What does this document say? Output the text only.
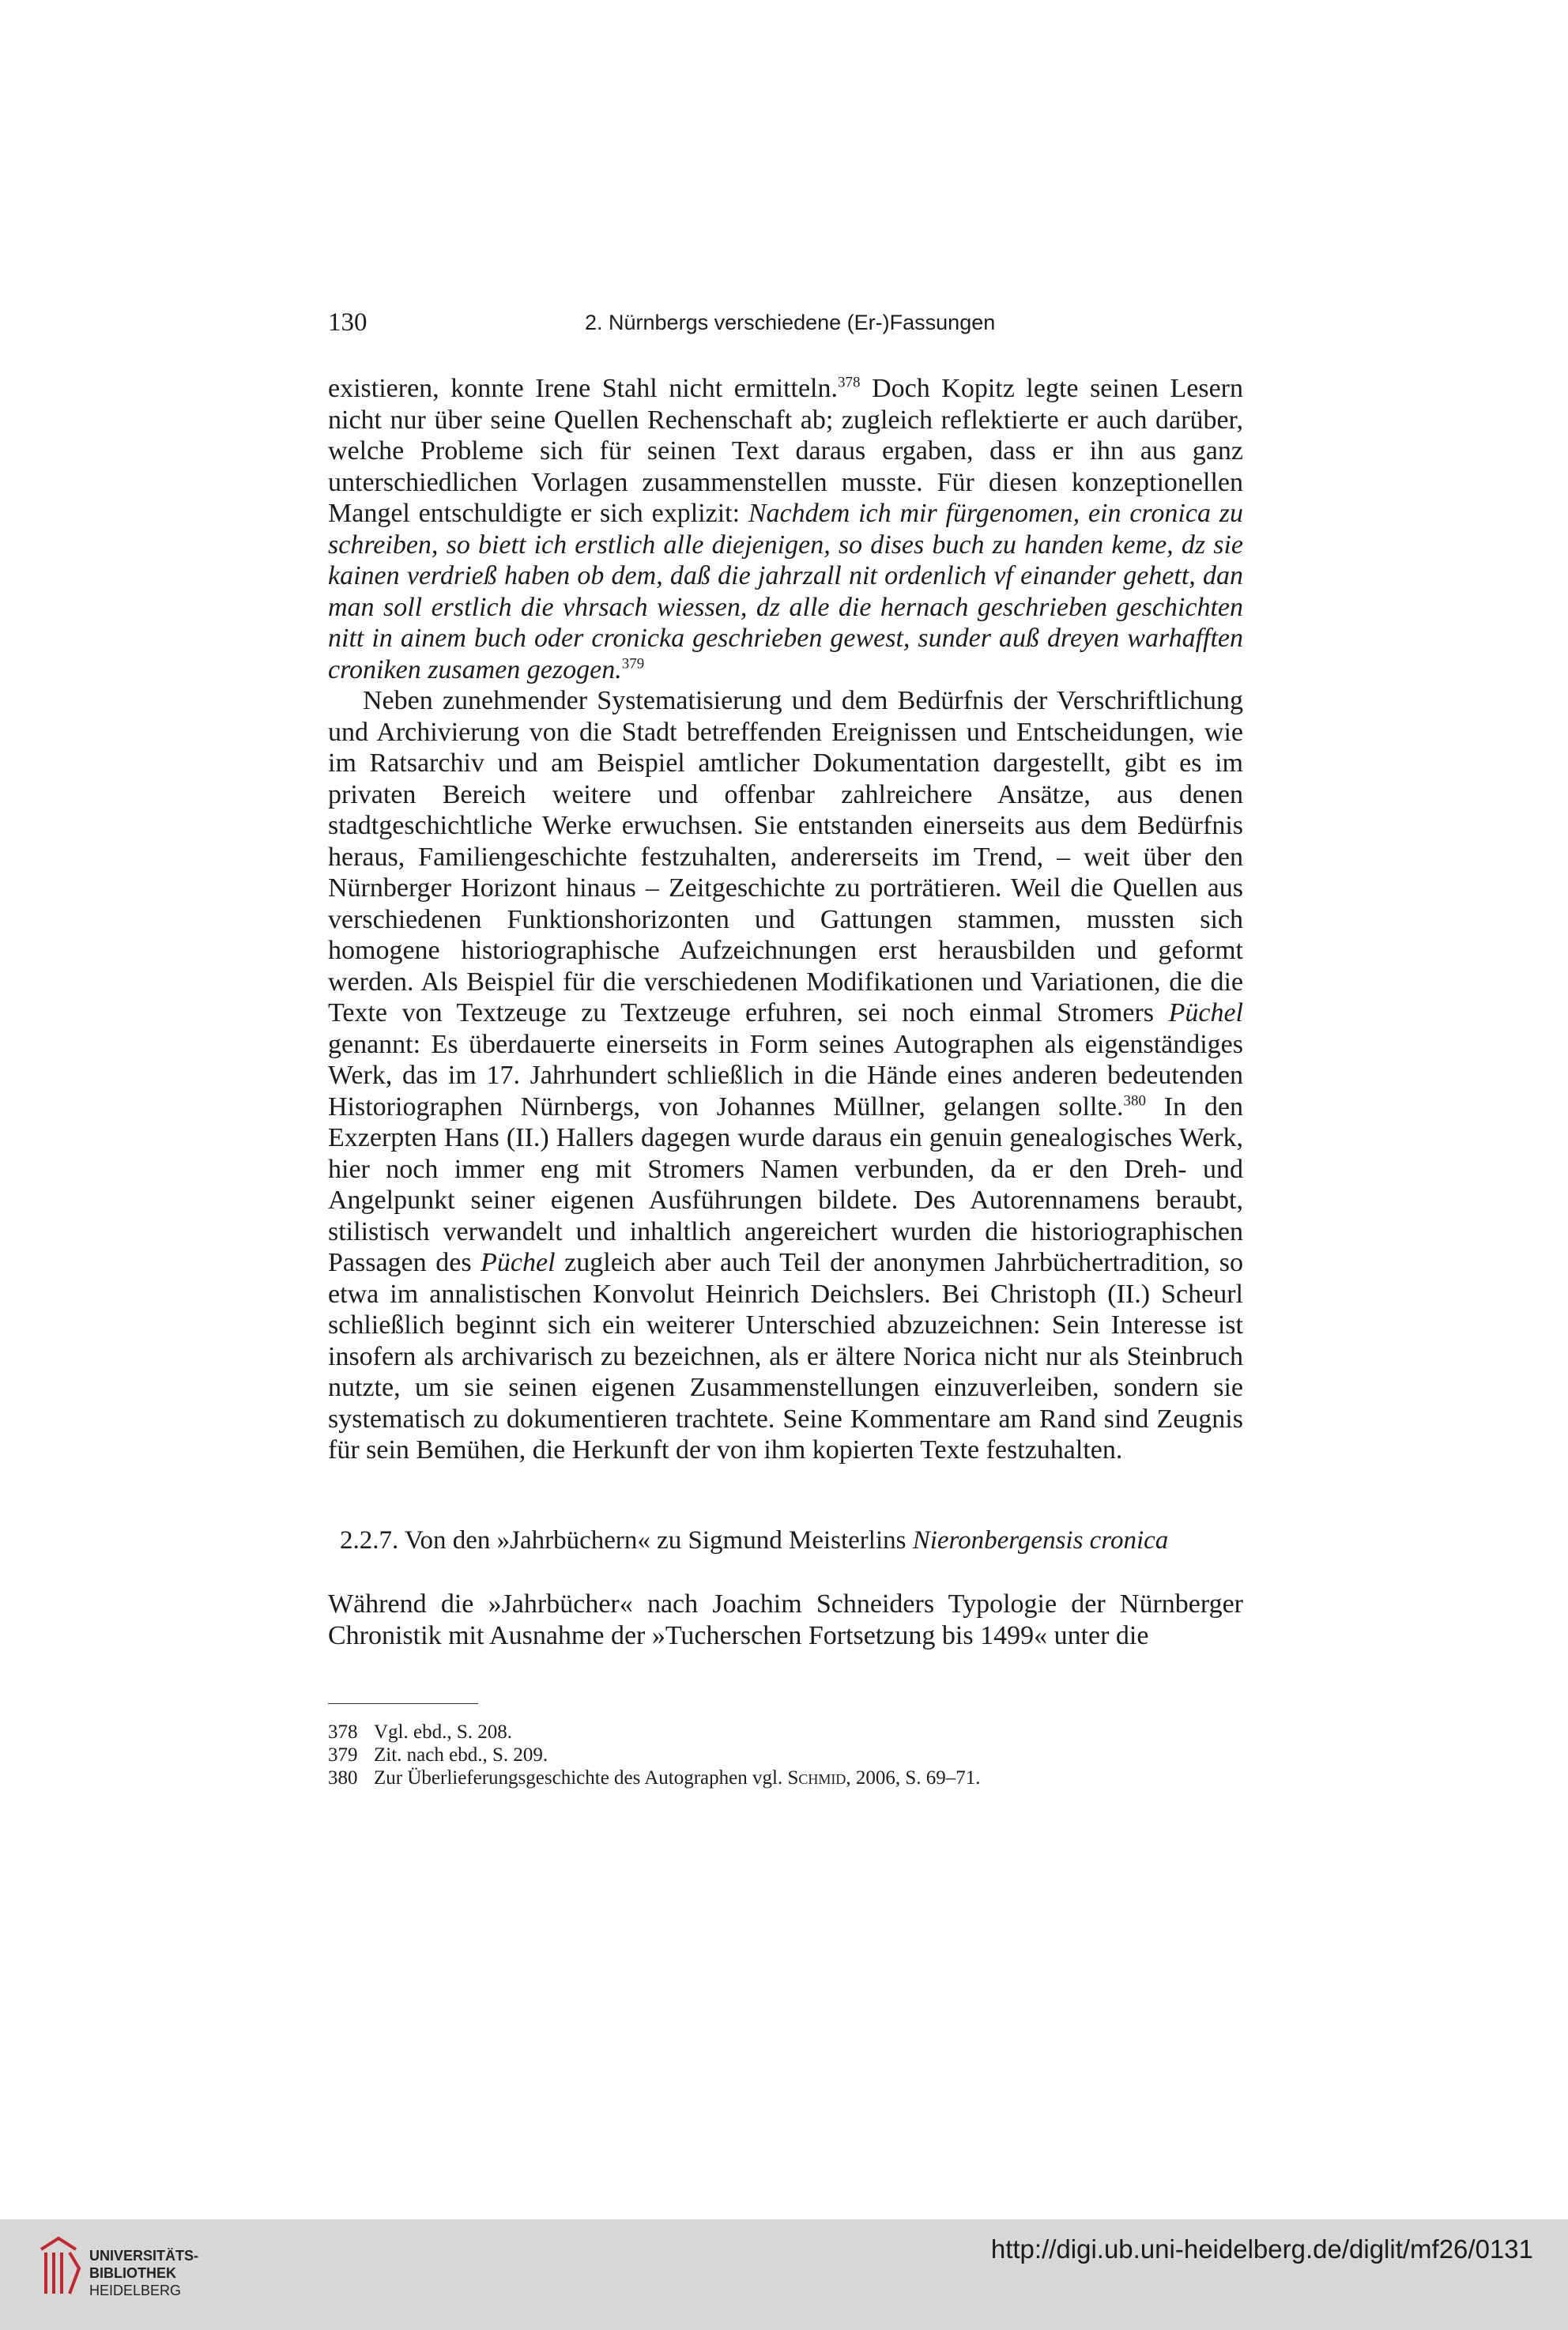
130	2. Nürnbergs verschiedene (Er-)Fassungen

existieren, konnte Irene Stahl nicht ermitteln.$^{378}$ Doch Kopitz legte seinen Lesern nicht nur über seine Quellen Rechenschaft ab; zugleich reflektierte er auch darüber, welche Probleme sich für seinen Text daraus ergaben, dass er ihn aus ganz unterschiedlichen Vorlagen zusammenstellen musste. Für diesen konzeptionellen Mangel entschuldigte er sich explizit: Nachdem ich mir fürgenomen, ein cronica zu schreiben, so biett ich erstlich alle diejenigen, so dises buch zu handen keme, dz sie kainen verdrieß haben ob dem, daß die jahrzall nit ordenlich vf einander gehett, dan man soll erstlich die vhrsach wiessen, dz alle die hernach geschrieben geschichten nitt in ainem buch oder cronicka geschrieben gewest, sunder auß dreyen warhafften croniken zusamen gezogen.$^{379}$

Neben zunehmender Systematisierung und dem Bedürfnis der Verschriftlichung und Archivierung von die Stadt betreffenden Ereignissen und Entscheidungen, wie im Ratsarchiv und am Beispiel amtlicher Dokumentation dargestellt, gibt es im privaten Bereich weitere und offenbar zahlreichere Ansätze, aus denen stadtgeschichtliche Werke erwuchsen. Sie entstanden einerseits aus dem Bedürfnis heraus, Familiengeschichte festzuhalten, andererseits im Trend, – weit über den Nürnberger Horizont hinaus – Zeitgeschichte zu porträtieren. Weil die Quellen aus verschiedenen Funktionshorizonten und Gattungen stammen, mussten sich homogene historiographische Aufzeichnungen erst herausbilden und geformt werden. Als Beispiel für die verschiedenen Modifikationen und Variationen, die die Texte von Textzeuge zu Textzeuge erfuhren, sei noch einmal Stromers Püchel genannt: Es überdauerte einerseits in Form seines Autographen als eigenständiges Werk, das im 17. Jahrhundert schließlich in die Hände eines anderen bedeutenden Historiographen Nürnbergs, von Johannes Müllner, gelangen sollte.$^{380}$ In den Exzerpten Hans (II.) Hallers dagegen wurde daraus ein genuin genealogisches Werk, hier noch immer eng mit Stromers Namen verbunden, da er den Dreh- und Angelpunkt seiner eigenen Ausführungen bildete. Des Autorennamens beraubt, stilistisch verwandelt und inhaltlich angereichert wurden die historiographischen Passagen des Püchel zugleich aber auch Teil der anonymen Jahrbüchertradition, so etwa im annalistischen Konvolut Heinrich Deichslers. Bei Christoph (II.) Scheurl schließlich beginnt sich ein weiterer Unterschied abzuzeichnen: Sein Interesse ist insofern als archivarisch zu bezeichnen, als er ältere Norica nicht nur als Steinbruch nutzte, um sie seinen eigenen Zusammenstellungen einzuverleiben, sondern sie systematisch zu dokumentieren trachtete. Seine Kommentare am Rand sind Zeugnis für sein Bemühen, die Herkunft der von ihm kopierten Texte festzuhalten.

2.2.7. Von den »Jahrbüchern« zu Sigmund Meisterlins Nieronbergensis cronica

Während die »Jahrbücher« nach Joachim Schneiders Typologie der Nürnberger Chronistik mit Ausnahme der »Tucherschen Fortsetzung bis 1499« unter die

378 Vgl. ebd., S. 208.
379 Zit. nach ebd., S. 209.
380 Zur Überlieferungsgeschichte des Autographen vgl. Schmid, 2006, S. 69–71.
UNIVERSITÄTS-
BIBLIOTHEK
HEIDELBERG
http://digi.ub.uni-heidelberg.de/diglit/mf26/0131
